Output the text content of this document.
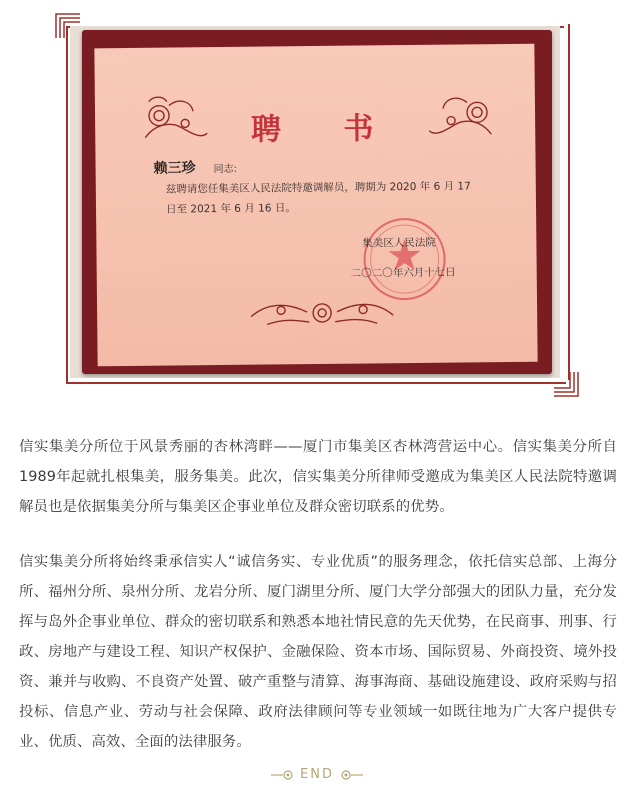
聘 书
赖三珍 同志:
兹聘请您任集美区人民法院特邀调解员，聘期为 2020 年 6 月 17 日至 2021 年 6 月 16 日。
集美区人民法院
二〇二〇年六月十七日

信实集美分所位于风景秀丽的杏林湾畔——厦门市集美区杏林湾营运中心。信实集美分所自1989年起就扎根集美，服务集美。此次，信实集美分所律师受邀成为集美区人民法院特邀调解员也是依据集美分所与集美区企事业单位及群众密切联系的优势。

信实集美分所将始终秉承信实人“诚信务实、专业优质”的服务理念，依托信实总部、上海分所、福州分所、泉州分所、龙岩分所、厦门湖里分所、厦门大学分部强大的团队力量，充分发挥与岛外企事业单位、群众的密切联系和熟悉本地社情民意的先天优势，在民商事、刑事、行政、房地产与建设工程、知识产权保护、金融保险、资本市场、国际贸易、外商投资、境外投资、兼并与收购、不良资产处置、破产重整与清算、海事海商、基础设施建设、政府采购与招投标、信息产业、劳动与社会保障、政府法律顾问等专业领域一如既往地为广大客户提供专业、优质、高效、全面的法律服务。

END
